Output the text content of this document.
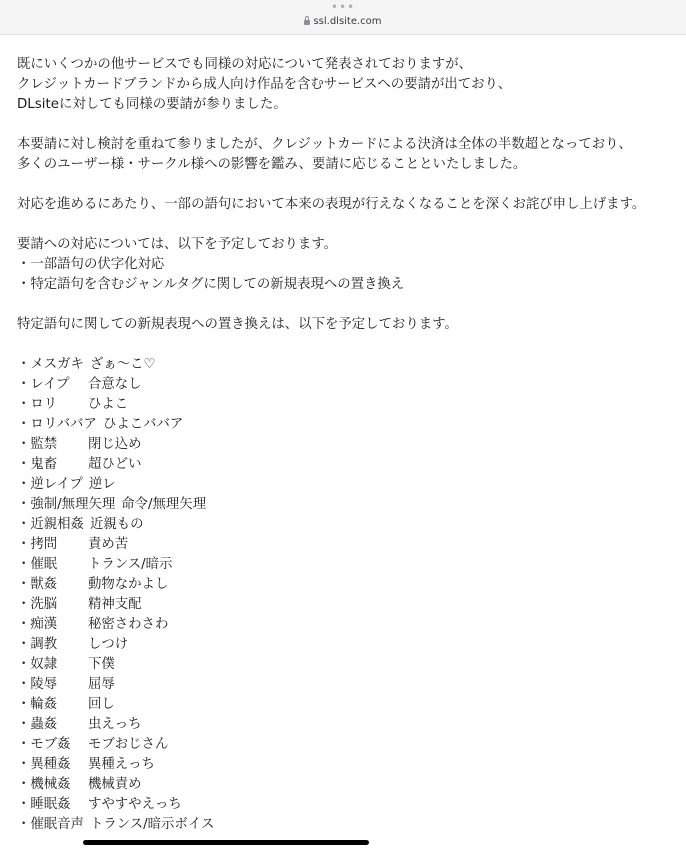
•••
ssl.dlsite.com
既にいくつかの他サービスでも同様の対応について発表されておりますが、
クレジットカードブランドから成人向け作品を含むサービスへの要請が出ており、
DLsiteに対しても同様の要請が参りました。
本要請に対し検討を重ねて参りましたが、クレジットカードによる決済は全体の半数超となっており、
多くのユーザー様・サークル様への影響を鑑み、要請に応じることといたしました。
対応を進めるにあたり、一部の語句において本来の表現が行えなくなることを深くお詫び申し上げます。
要請への対応については、以下を予定しております。
・一部語句の伏字化対応
・特定語句を含むジャンルタグに関しての新規表現への置き換え
特定語句に関しての新規表現への置き換えは、以下を予定しております。
・メスガキ ざぁ〜こ♡
・レイプ	合意なし
・ロリ	ひよこ
・ロリババア ひよこババア
・監禁	閉じ込め
・鬼畜	超ひどい
・逆レイプ 逆レ
・強制/無理矢理 命令/無理矢理
・近親相姦 近親もの
・拷問	責め苦
・催眠	トランス/暗示
・獣姦	動物なかよし
・洗脳	精神支配
・痴漢	秘密さわさわ
・調教	しつけ
・奴隷	下僕
・陵辱	屈辱
・輪姦	回し
・蟲姦	虫えっち
・モブ姦	モブおじさん
・異種姦	異種えっち
・機械姦	機械責め
・睡眠姦	すやすやえっち
・催眠音声 トランス/暗示ボイス
